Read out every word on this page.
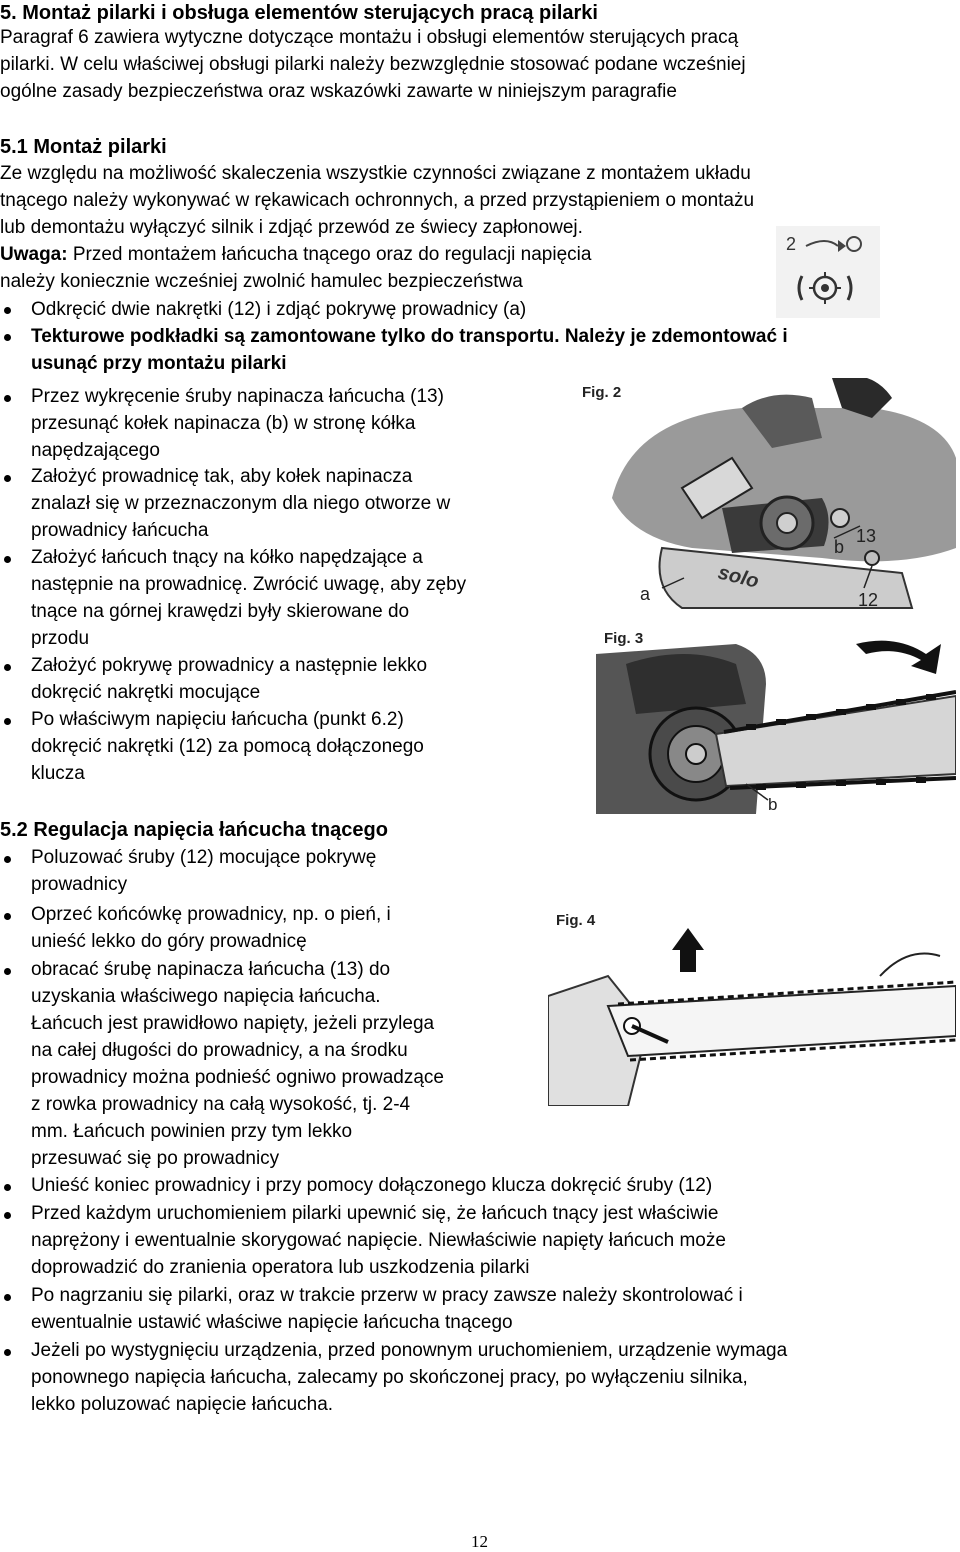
5. Montaż pilarki i obsługa elementów sterujących pracą pilarki
Paragraf 6 zawiera wytyczne dotyczące montażu i obsługi elementów sterujących pracą
pilarki. W celu właściwej obsługi pilarki należy bezwzględnie stosować podane wcześniej
ogólne zasady bezpieczeństwa oraz wskazówki zawarte w niniejszym paragrafie
5.1 Montaż pilarki
Ze względu na możliwość skaleczenia wszystkie czynności związane z montażem układu
tnącego należy wykonywać w rękawicach ochronnych, a przed przystąpieniem o montażu
lub demontażu wyłączyć silnik i zdjąć przewód ze świecy zapłonowej.
Uwaga: Przed montażem łańcucha tnącego oraz do regulacji napięcia
należy koniecznie wcześniej zwolnić hamulec bezpieczeństwa
Odkręcić dwie nakrętki (12) i zdjąć pokrywę prowadnicy (a)
Tekturowe podkładki są zamontowane tylko do transportu. Należy je zdemontować i
usunąć przy montażu pilarki
Przez wykręcenie śruby napinacza łańcucha (13)
przesunąć kołek napinacza (b) w stronę kółka
napędzającego
Założyć prowadnicę tak, aby kołek napinacza
znalazł się w przeznaczonym dla niego otworze w
prowadnicy łańcucha
Założyć łańcuch tnący na kółko napędzające a
następnie na prowadnicę. Zwrócić uwagę, aby zęby
tnące na górnej krawędzi były skierowane do
przodu
Założyć pokrywę prowadnicy a następnie lekko
dokręcić nakrętki mocujące
Po właściwym napięciu łańcucha (punkt 6.2)
dokręcić nakrętki (12) za pomocą dołączonego
klucza
5.2 Regulacja napięcia łańcucha tnącego
Poluzować śruby (12) mocujące pokrywę
prowadnicy
Oprzeć końcówkę prowadnicy, np. o pień, i
unieść lekko do góry prowadnicę
obracać śrubę napinacza łańcucha (13) do
uzyskania właściwego napięcia łańcucha.
Łańcuch jest prawidłowo napięty, jeżeli przylega
na całej długości do prowadnicy, a na środku
prowadnicy można podnieść ogniwo prowadzące
z rowka prowadnicy na całą wysokość, tj. 2-4
mm. Łańcuch powinien przy tym lekko
przesuwać się po prowadnicy
Unieść koniec prowadnicy i przy pomocy dołączonego klucza dokręcić śruby (12)
Przed każdym uruchomieniem pilarki upewnić się, że łańcuch tnący jest właściwie
naprężony i ewentualnie skorygować napięcie. Niewłaściwie napięty łańcuch może
doprowadzić do zranienia operatora lub uszkodzenia pilarki
Po nagrzaniu się pilarki, oraz w trakcie przerw w pracy zawsze należy skontrolować i
ewentualnie ustawić właściwe napięcie łańcucha tnącego
Jeżeli po wystygnięciu urządzenia, przed ponownym uruchomieniem, urządzenie wymaga
ponownego napięcia łańcucha, zalecamy po skończonej pracy, po wyłączeniu silnika,
lekko poluzować napięcie łańcucha.
2
solo
b
13
a	12
Fig. 2
b
Fig. 3
Fig. 4
12
